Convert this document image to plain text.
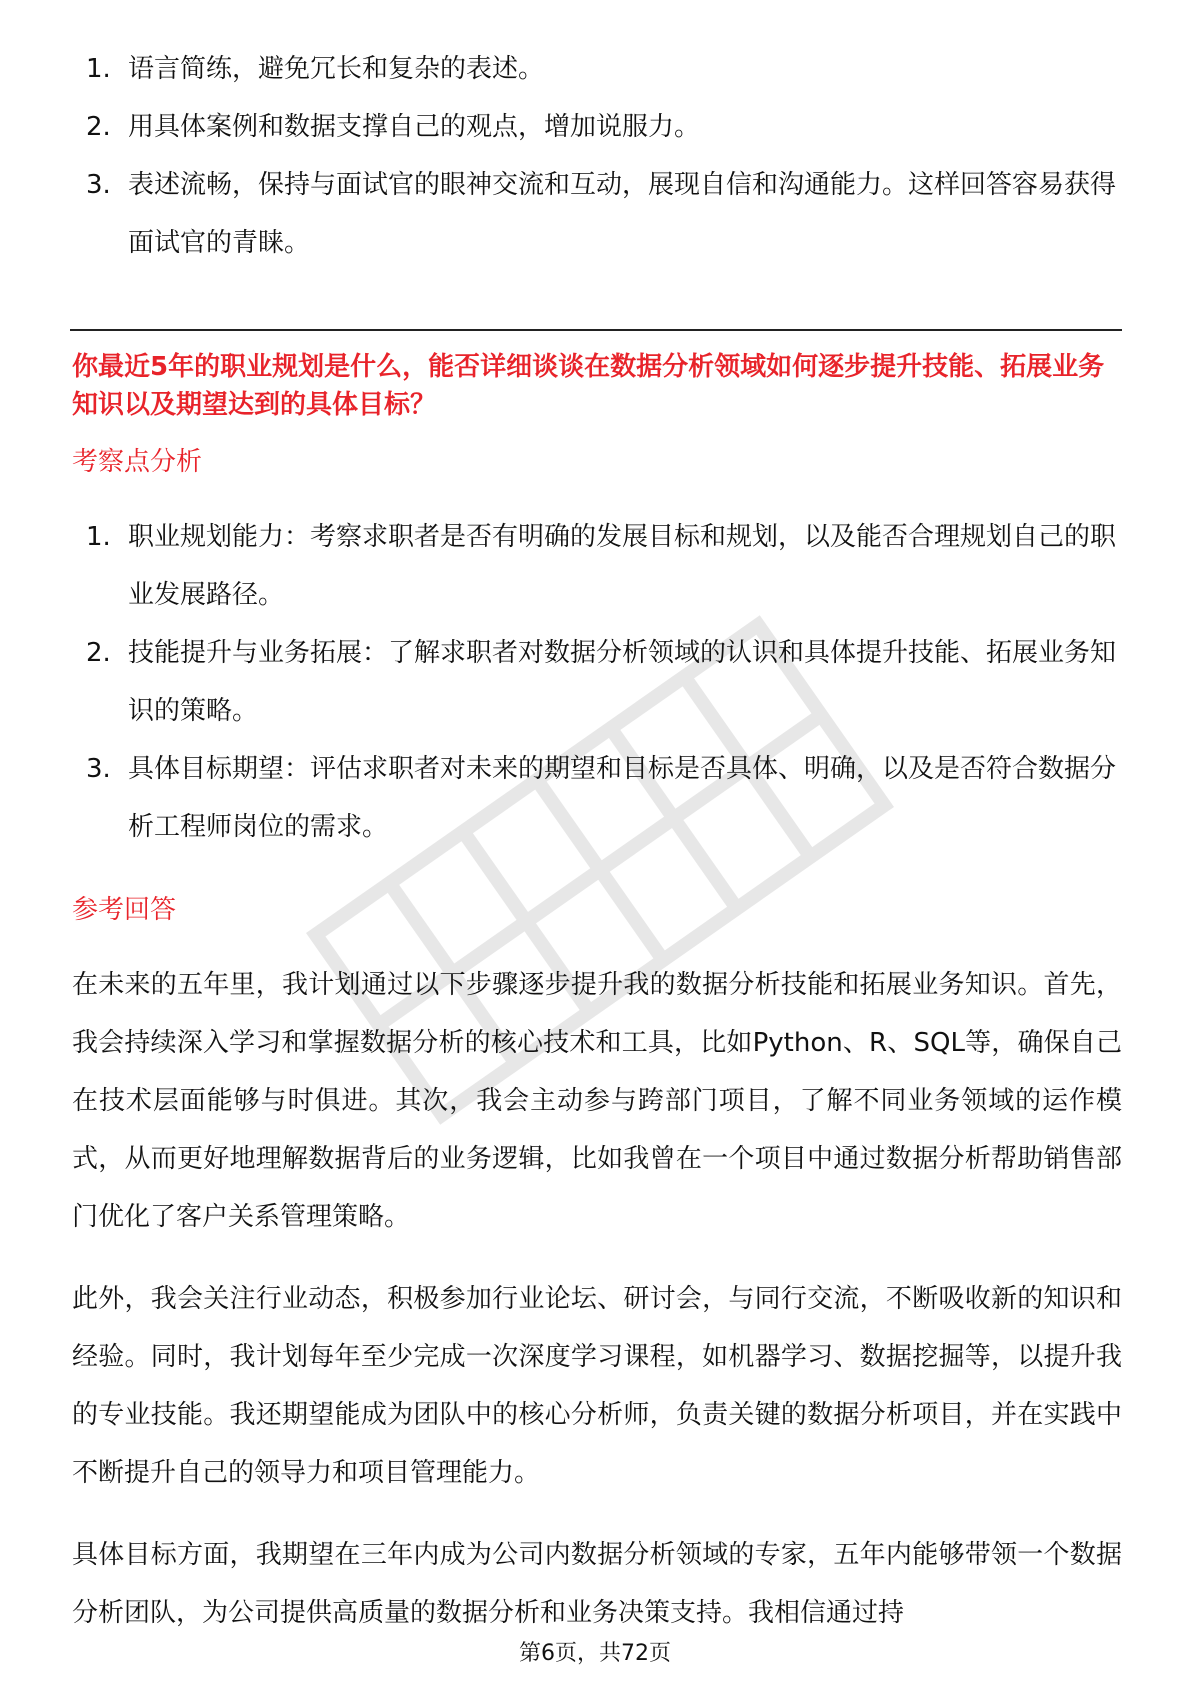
1. 语言简练，避免冗长和复杂的表述。
2. 用具体案例和数据支撑自己的观点，增加说服力。
3. 表述流畅，保持与面试官的眼神交流和互动，展现自信和沟通能力。这样回答容易获得面试官的青睐。

你最近5年的职业规划是什么，能否详细谈谈在数据分析领域如何逐步提升技能、拓展业务知识以及期望达到的具体目标？

考察点分析
1. 职业规划能力：考察求职者是否有明确的发展目标和规划，以及能否合理规划自己的职业发展路径。
2. 技能提升与业务拓展：了解求职者对数据分析领域的认识和具体提升技能、拓展业务知识的策略。
3. 具体目标期望：评估求职者对未来的期望和目标是否具体、明确，以及是否符合数据分析工程师岗位的需求。
参考回答

在未来的五年里，我计划通过以下步骤逐步提升我的数据分析技能和拓展业务知识。首先，我会持续深入学习和掌握数据分析的核心技术和工具，比如Python、R、SQL等，确保自己在技术层面能够与时俱进。其次，我会主动参与跨部门项目，了解不同业务领域的运作模式，从而更好地理解数据背后的业务逻辑，比如我曾在一个项目中通过数据分析帮助销售部门优化了客户关系管理策略。

此外，我会关注行业动态，积极参加行业论坛、研讨会，与同行交流，不断吸收新的知识和经验。同时，我计划每年至少完成一次深度学习课程，如机器学习、数据挖掘等，以提升我的专业技能。我还期望能成为团队中的核心分析师，负责关键的数据分析项目，并在实践中不断提升自己的领导力和项目管理能力。

具体目标方面，我期望在三年内成为公司内数据分析领域的专家，五年内能够带领一个数据分析团队，为公司提供高质量的数据分析和业务决策支持。我相信通过持

第6页，共72页
